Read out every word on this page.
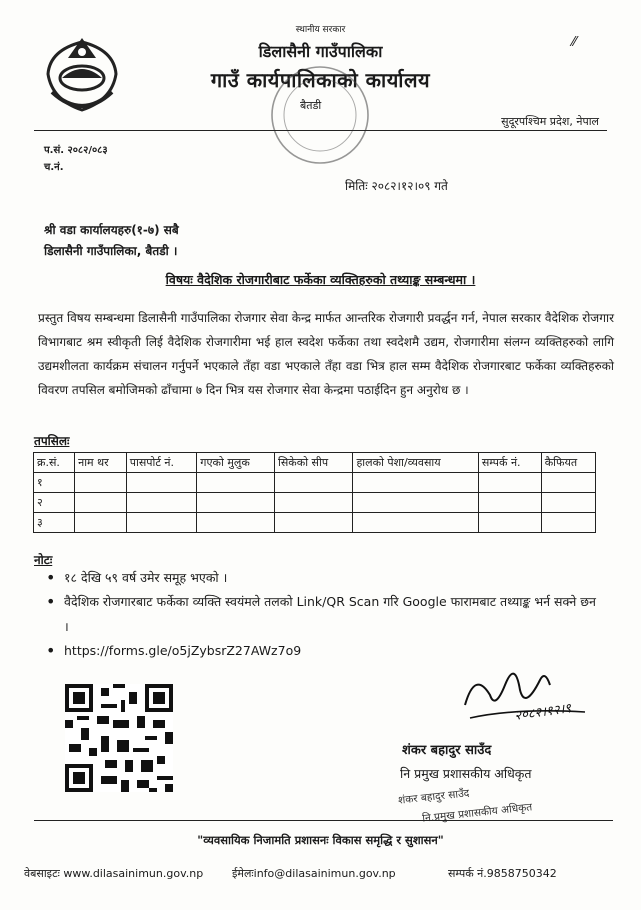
स्थानीय सरकार
डिलासैनी गाउँपालिका
गाउँ कार्यपालिकाको कार्यालय
बैतडी
⁄⁄
सुदूरपश्चिम प्रदेश, नेपाल
प.सं. २०८२/०८३
च.नं.
मितिः २०८२।१२।०९ गते
श्री वडा कार्यालयहरु(१-७) सबै
डिलासैनी गाउँपालिका, बैतडी ।
विषयः वैदेशिक रोजगारीबाट फर्केका व्यक्तिहरुको तथ्याङ्क सम्बन्धमा ।
प्रस्तुत विषय सम्बन्धमा डिलासैनी गाउँपालिका रोजगार सेवा केन्द्र मार्फत आन्तरिक रोजगारी प्रवर्द्धन गर्न, नेपाल सरकार वैदेशिक रोजगार विभागबाट श्रम स्वीकृती लिई वैदेशिक रोजगारीमा भई हाल स्वदेश फर्केका तथा स्वदेशमै उद्यम, रोजगारीमा संलग्न व्यक्तिहरुको लागि उद्यमशीलता कार्यक्रम संचालन गर्नुपर्ने भएकाले तँहा वडा भएकाले तँहा वडा भित्र हाल सम्म वैदेशिक रोजगारबाट फर्केका व्यक्तिहरुको विवरण तपसिल बमोजिमको ढाँचामा ७ दिन भित्र यस रोजगार सेवा केन्द्रमा पठाईदिन हुन अनुरोध छ ।
तपसिलः
क्र.सं.	नाम थर	पासपोर्ट नं.	गएको मुलुक	सिकेको सीप	हालको पेशा/व्यवसाय	सम्पर्क नं.	कैफियत
१							
२							
३							
नोटः
• १८ देखि ५९ वर्ष उमेर समूह भएको ।
• वैदेशिक रोजगारबाट फर्केका व्यक्ति स्वयंमले तलको Link/QR Scan गरि Google फारामबाट तथ्याङ्क भर्न सक्ने छन ।
• https://forms.gle/o5jZybsrZ27AWz7o9
२०८२।१२।९
शंकर बहादुर साउँद
नि प्रमुख प्रशासकीय अधिकृत
शंकर बहादुर साउँद
नि.प्रमुख प्रशासकीय अधिकृत
"व्यवसायिक निजामति प्रशासनः विकास समृद्धि र सुशासन"
वेबसाइटः www.dilasainimun.gov.np	ईमेलःinfo@dilasainimun.gov.np	सम्पर्क नं.9858750342
